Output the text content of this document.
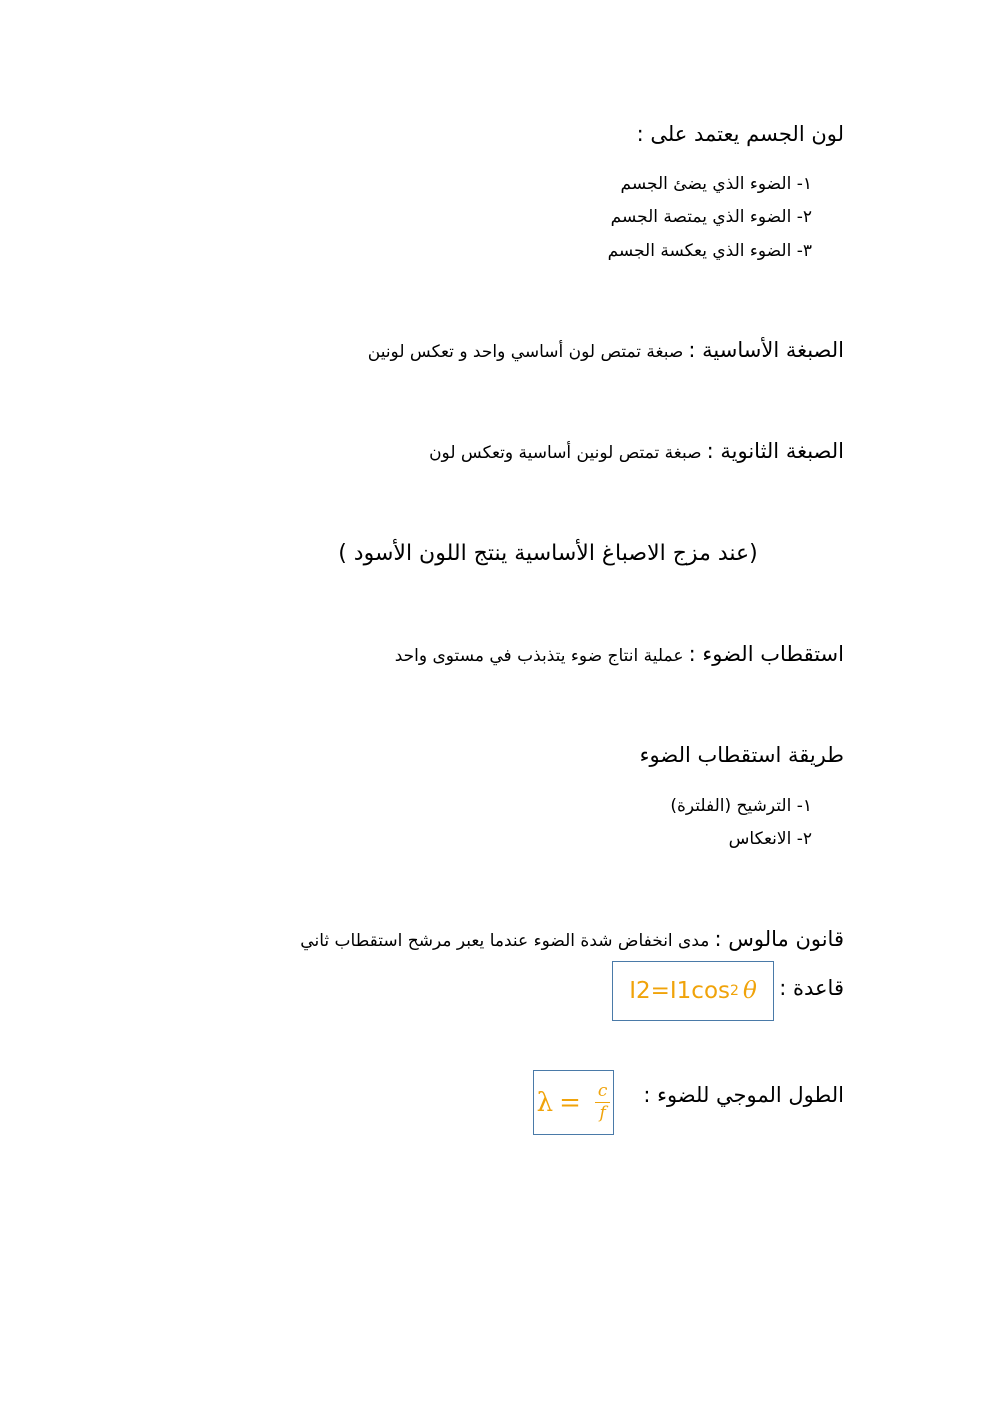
لون الجسم يعتمد على :
١- الضوء الذي يضئ الجسم
٢- الضوء الذي يمتصة الجسم
٣- الضوء الذي يعكسة الجسم
الصبغة الأساسية : صبغة تمتص لون أساسي واحد و تعكس لونين
الصبغة الثانوية : صبغة تمتص لونين أساسية وتعكس لون
(عند مزج الاصباغ الأساسية ينتج اللون الأسود )
استقطاب الضوء : عملية انتاج ضوء يتذبذب في مستوى واحد
طريقة استقطاب الضوء
١- الترشيح (الفلترة)
٢- الانعكاس
قانون مالوس : مدى انخفاض شدة الضوء عندما يعبر مرشح استقطاب ثاني
قاعدة :
I2=I1cos 2 θ
الطول الموجي للضوء :
$\lambda = \frac{c}{f}$
